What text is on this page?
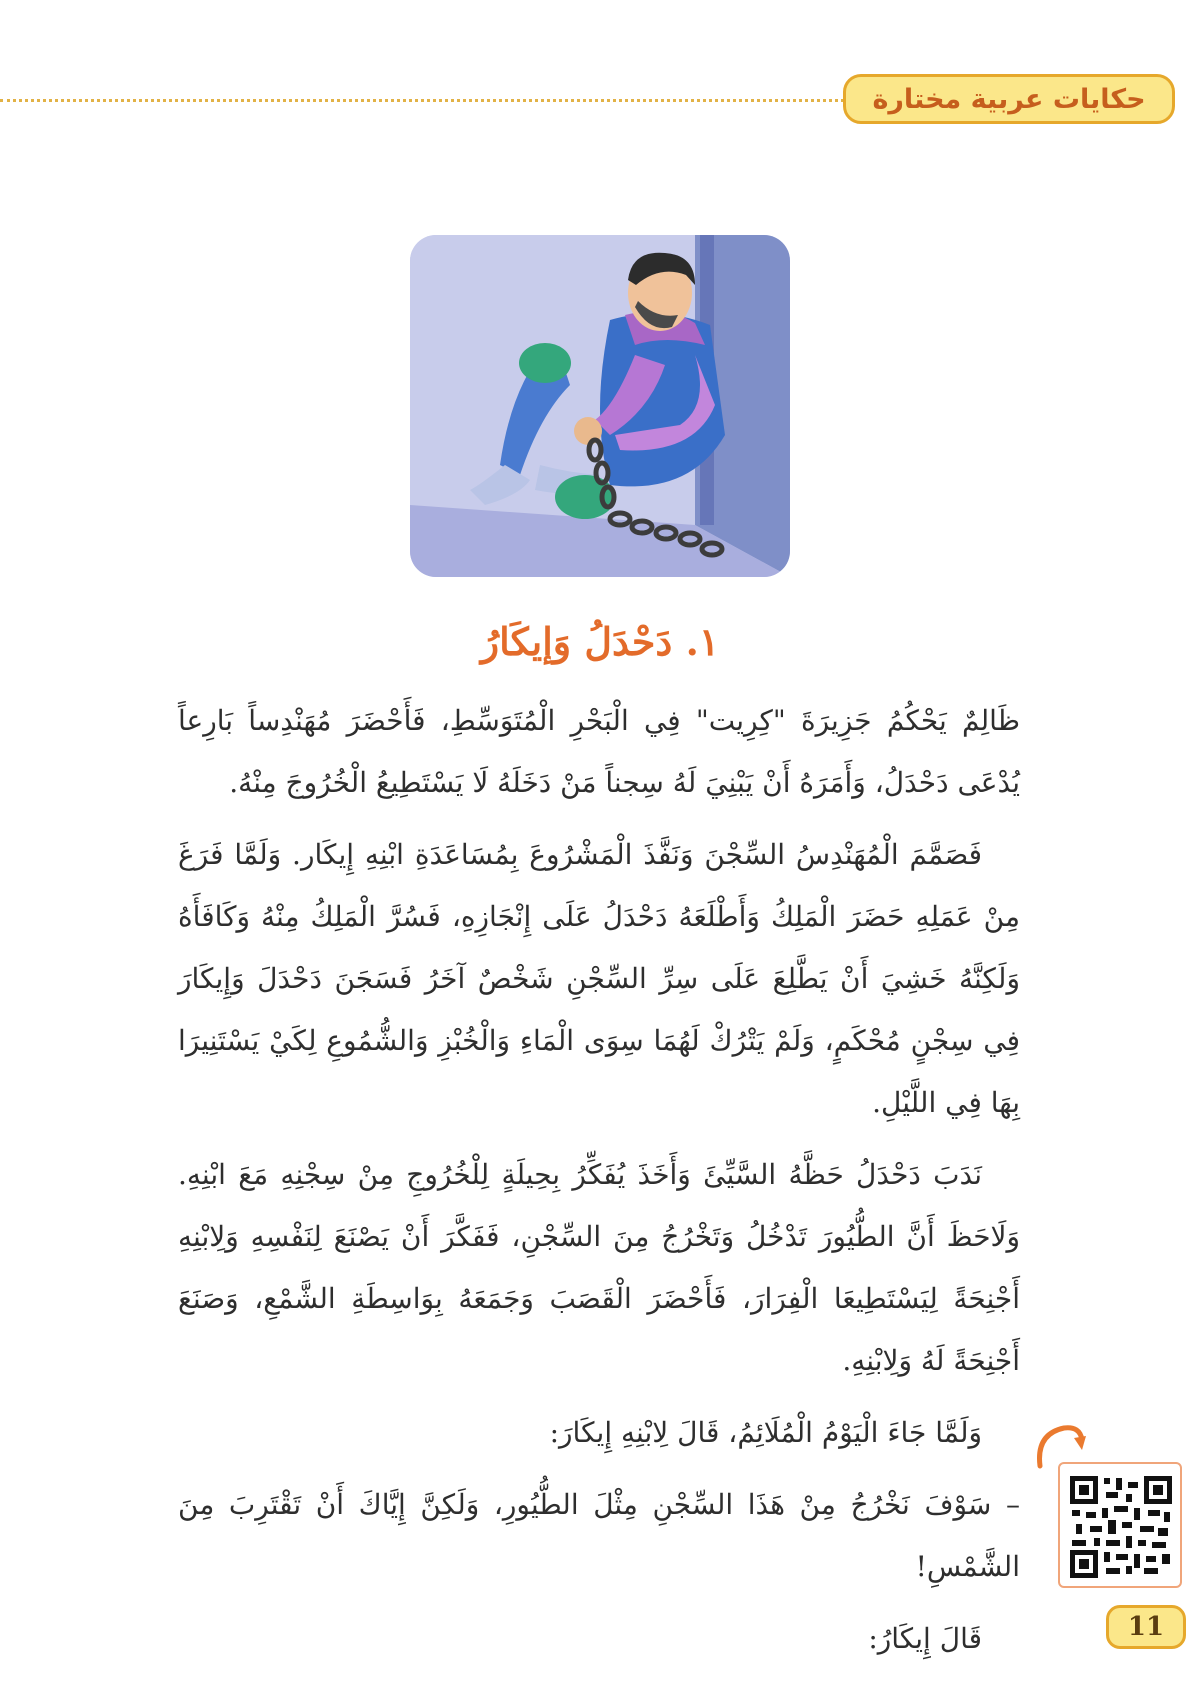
حكايات عربية مختارة
١. دَحْدَلُ وَإيكَارُ

ظَالِمٌ يَحْكُمُ جَزِيرَةَ "كِرِيت" فِي الْبَحْرِ الْمُتَوَسِّطِ، فَأَحْضَرَ مُهَنْدِساً بَارِعاً يُدْعَى دَحْدَلُ، وَأَمَرَهُ أَنْ يَبْنِيَ لَهُ سِجناً مَنْ دَخَلَهُ لَا يَسْتَطِيعُ الْخُرُوجَ مِنْهُ.

فَصَمَّمَ الْمُهَنْدِسُ السِّجْنَ وَنَفَّذَ الْمَشْرُوعَ بِمُسَاعَدَةِ ابْنِهِ إِيكَار. وَلَمَّا فَرَغَ مِنْ عَمَلِهِ حَضَرَ الْمَلِكُ وَأَطْلَعَهُ دَحْدَلُ عَلَى إِنْجَازِهِ، فَسُرَّ الْمَلِكُ مِنْهُ وَكَافَأَهُ وَلَكِنَّهُ خَشِيَ أَنْ يَطَّلِعَ عَلَى سِرِّ السِّجْنِ شَخْصٌ آخَرُ فَسَجَنَ دَحْدَلَ وَإِيكَارَ فِي سِجْنٍ مُحْكَمٍ، وَلَمْ يَتْرُكْ لَهُمَا سِوَى الْمَاءِ وَالْخُبْزِ وَالشُّمُوعِ لِكَيْ يَسْتَنِيرَا بِهَا فِي اللَّيْلِ.

نَدَبَ دَحْدَلُ حَظَّهُ السَّيِّئَ وَأَخَذَ يُفَكِّرُ بِحِيلَةٍ لِلْخُرُوجِ مِنْ سِجْنِهِ مَعَ ابْنِهِ. وَلَاحَظَ أَنَّ الطُّيُورَ تَدْخُلُ وَتَخْرُجُ مِنَ السِّجْنِ، فَفَكَّرَ أَنْ يَصْنَعَ لِنَفْسِهِ وَلِابْنِهِ أَجْنِحَةً لِيَسْتَطِيعَا الْفِرَارَ، فَأَحْضَرَ الْقَصَبَ وَجَمَعَهُ بِوَاسِطَةِ الشَّمْعِ، وَصَنَعَ أَجْنِحَةً لَهُ وَلِابْنِهِ.

وَلَمَّا جَاءَ الْيَوْمُ الْمُلَائِمُ، قَالَ لِابْنِهِ إِيكَارَ:

– سَوْفَ نَخْرُجُ مِنْ هَذَا السِّجْنِ مِثْلَ الطُّيُورِ، وَلَكِنَّ إِيَّاكَ أَنْ تَقْتَرِبَ مِنَ الشَّمْسِ!

قَالَ إِيكَارُ:	11
